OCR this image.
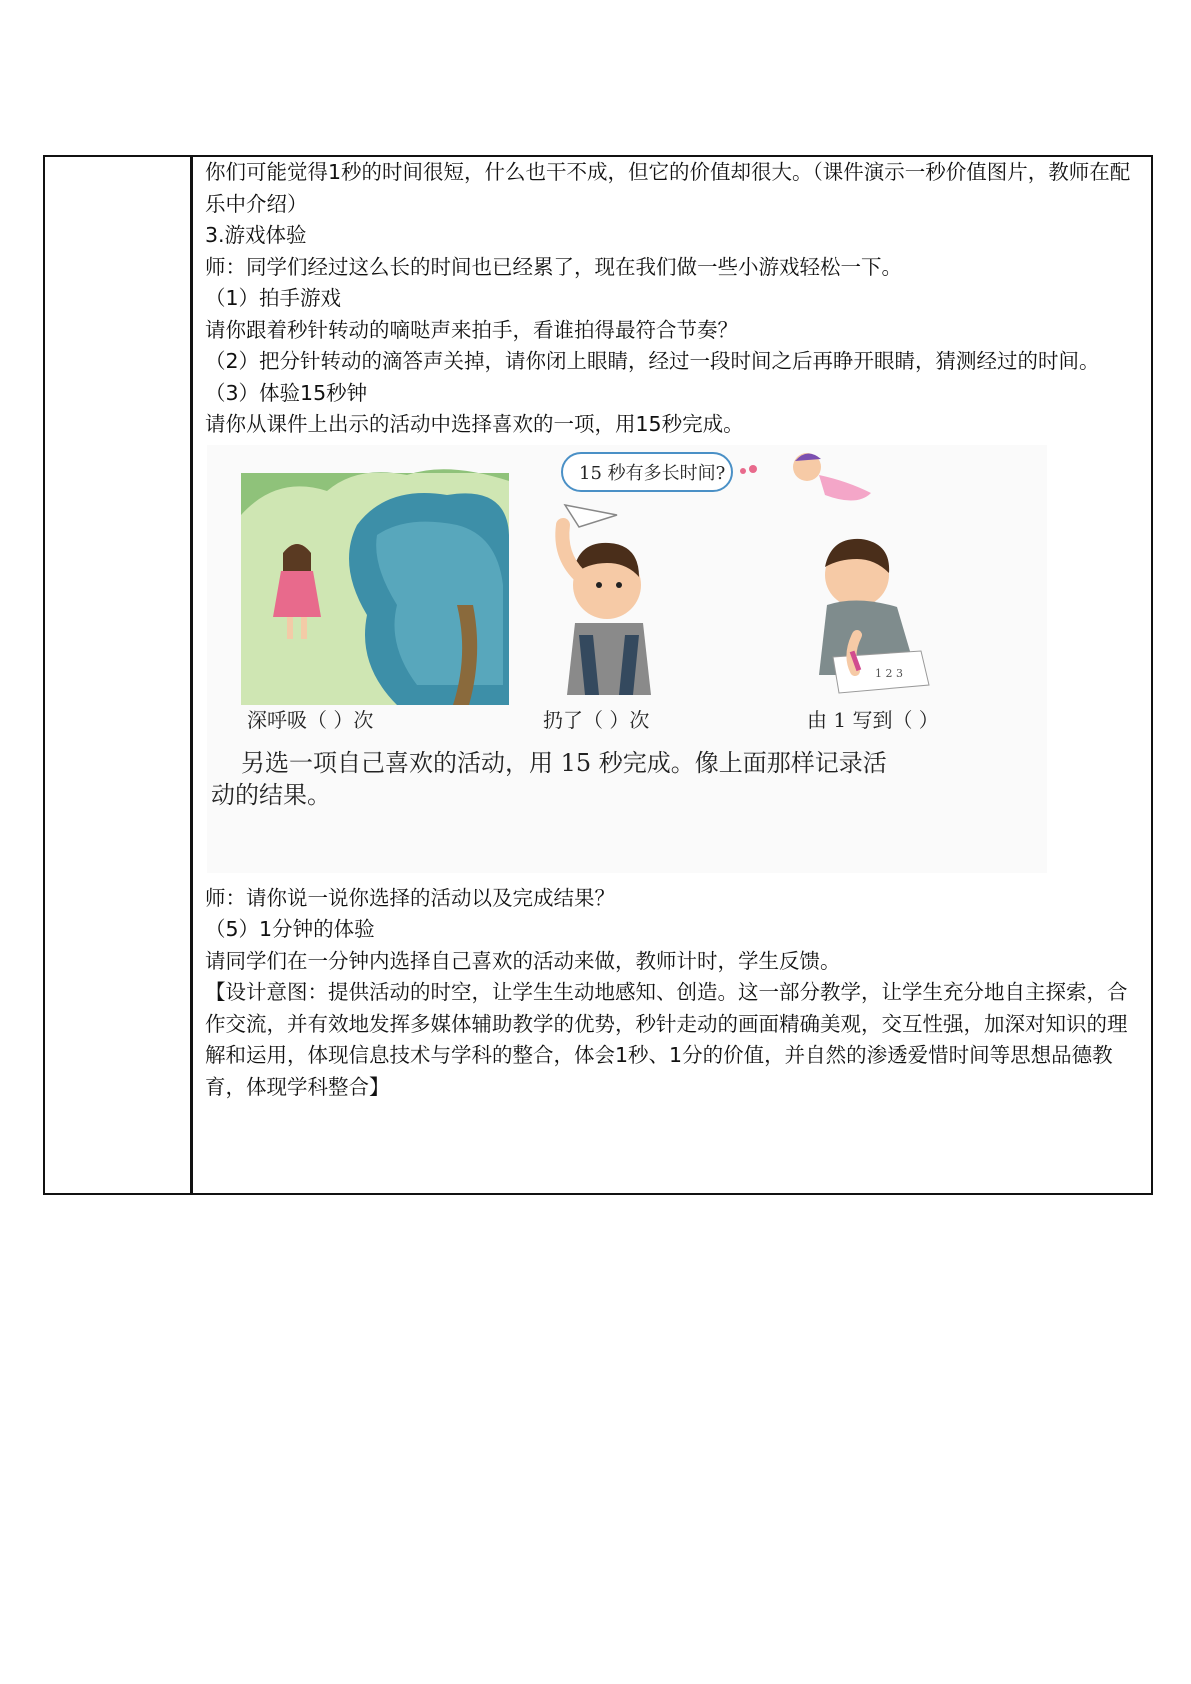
你们可能觉得1秒的时间很短，什么也干不成，但它的价值却很大。（课件演示一秒价值图片，教师在配乐中介绍）

3.游戏体验

师：同学们经过这么长的时间也已经累了，现在我们做一些小游戏轻松一下。

（1）拍手游戏

请你跟着秒针转动的嘀哒声来拍手，看谁拍得最符合节奏？

（2）把分针转动的滴答声关掉，请你闭上眼睛，经过一段时间之后再睁开眼睛，猜测经过的时间。

（3）体验15秒钟

请你从课件上出示的活动中选择喜欢的一项，用15秒完成。

1 2 3
15 秒有多长时间?
深呼吸（ ）次	扔了（ ）次	由 1 写到（ ）
另选一项自己喜欢的活动，用 15 秒完成。像上面那样记录活
动的结果。

师：请你说一说你选择的活动以及完成结果？

（5）1分钟的体验

请同学们在一分钟内选择自己喜欢的活动来做，教师计时，学生反馈。

【设计意图：提供活动的时空，让学生生动地感知、创造。这一部分教学，让学生充分地自主探索，合作交流，并有效地发挥多媒体辅助教学的优势，秒针走动的画面精确美观，交互性强，加深对知识的理解和运用，体现信息技术与学科的整合，体会1秒、1分的价值，并自然的渗透爱惜时间等思想品德教育，体现学科整合】
